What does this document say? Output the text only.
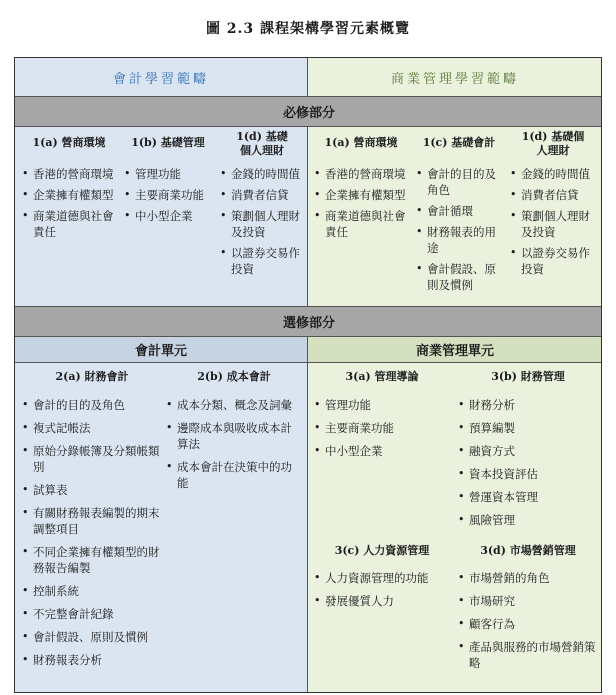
圖 2.3 課程架構學習元素概覽
會計學習範疇	商業管理學習範疇
必修部分
1(a) 營商環境
• 香港的營商環境
• 企業擁有權類型
• 商業道德與社會責任
1(b) 基礎管理
• 管理功能
• 主要商業功能
• 中小型企業
1(d) 基礎個人理財
• 金錢的時間值
• 消費者信貸
• 策劃個人理財及投資
• 以證券交易作投資
1(a) 營商環境
• 香港的營商環境
• 企業擁有權類型
• 商業道德與社會責任
1(c) 基礎會計
• 會計的目的及角色
• 會計循環
• 財務報表的用途
• 會計假設、原則及慣例
1(d) 基礎個人理財
• 金錢的時間值
• 消費者信貸
• 策劃個人理財及投資
• 以證券交易作投資
選修部分
會計單元	商業管理單元
2(a) 財務會計
• 會計的目的及角色
• 複式記帳法
• 原始分錄帳簿及分類帳類別
• 試算表
• 有關財務報表編製的期末調整項目
• 不同企業擁有權類型的財務報告編製
• 控制系統
• 不完整會計紀錄
• 會計假設、原則及慣例
• 財務報表分析
2(b) 成本會計
• 成本分類、概念及詞彙
• 邊際成本與吸收成本計算法
• 成本會計在決策中的功能
3(a) 管理導論
• 管理功能
• 主要商業功能
• 中小型企業
3(b) 財務管理
• 財務分析
• 預算編製
• 融資方式
• 資本投資評估
• 營運資本管理
• 風險管理
3(c) 人力資源管理
• 人力資源管理的功能
• 發展優質人力
3(d) 市場營銷管理
• 市場營銷的角色
• 市場研究
• 顧客行為
• 產品與服務的市場營銷策略
